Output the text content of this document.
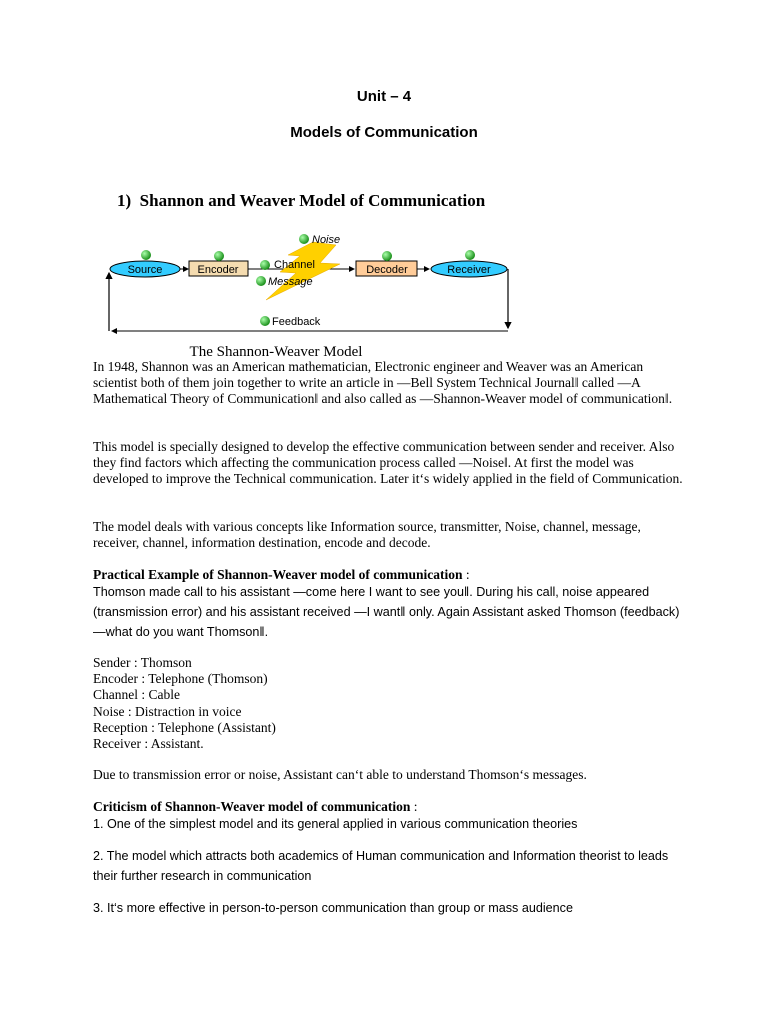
Unit – 4
Models of Communication
1) Shannon and Weaver Model of Communication
Source	Encoder	Channel
Message
Noise
Decoder	Receiver
Feedback
The Shannon-Weaver Model
In 1948, Shannon was an American mathematician, Electronic engineer and Weaver was an American scientist both of them join together to write an article in ―Bell System Technical Journal‖ called ―A Mathematical Theory of Communication‖ and also called as ―Shannon-Weaver model of communication‖.
This model is specially designed to develop the effective communication between sender and receiver. Also they find factors which affecting the communication process called ―Noise‖. At first the model was developed to improve the Technical communication. Later it‘s widely applied in the field of Communication.
The model deals with various concepts like Information source, transmitter, Noise, channel, message, receiver, channel, information destination, encode and decode.
Practical Example of Shannon-Weaver model of communication :
Thomson made call to his assistant ―come here I want to see you‖. During his call, noise appeared (transmission error) and his assistant received ―I want‖ only. Again Assistant asked Thomson (feedback) ―what do you want Thomson‖.
Sender : Thomson
Encoder : Telephone (Thomson)
Channel : Cable
Noise : Distraction in voice
Reception : Telephone (Assistant)
Receiver : Assistant.
Due to transmission error or noise, Assistant can‘t able to understand Thomson‘s messages.
Criticism of Shannon-Weaver model of communication :
1. One of the simplest model and its general applied in various communication theories
2. The model which attracts both academics of Human communication and Information theorist to leads their further research in communication
3. It‘s more effective in person-to-person communication than group or mass audience
